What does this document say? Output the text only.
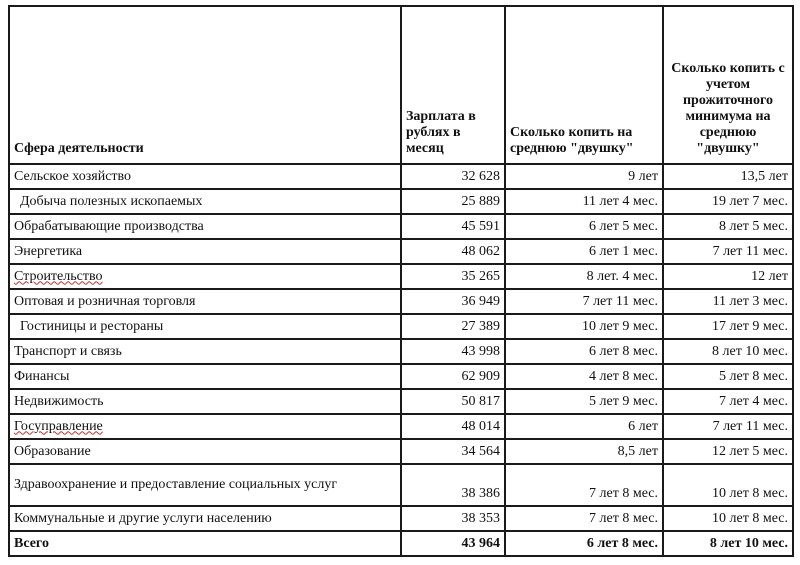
Сфера деятельности	Зарплата в рублях в месяц	Сколько копить на среднюю "двушку"	Сколько копить с учетом прожиточного минимума на среднюю "двушку"
Сельское хозяйство	32 628	9 лет	13,5 лет
Добыча полезных ископаемых	25 889	11 лет 4 мес.	19 лет 7 мес.
Обрабатывающие производства	45 591	6 лет 5 мес.	8 лет 5 мес.
Энергетика	48 062	6 лет 1 мес.	7 лет 11 мес.
Строительство	35 265	8 лет. 4 мес.	12 лет
Оптовая и розничная торговля	36 949	7 лет 11 мес.	11 лет 3 мес.
Гостиницы и рестораны	27 389	10 лет 9 мес.	17 лет 9 мес.
Транспорт и связь	43 998	6 лет 8 мес.	8 лет 10 мес.
Финансы	62 909	4 лет 8 мес.	5 лет 8 мес.
Недвижимость	50 817	5 лет 9 мес.	7 лет 4 мес.
Госуправление	48 014	6 лет	7 лет 11 мес.
Образование	34 564	8,5 лет	12 лет 5 мес.
Здравоохранение и предоставление социальных услуг	38 386	7 лет 8 мес.	10 лет 8 мес.
Коммунальные и другие услуги населению	38 353	7 лет 8 мес.	10 лет 8 мес.
Всего	43 964	6 лет 8 мес.	8 лет 10 мес.
